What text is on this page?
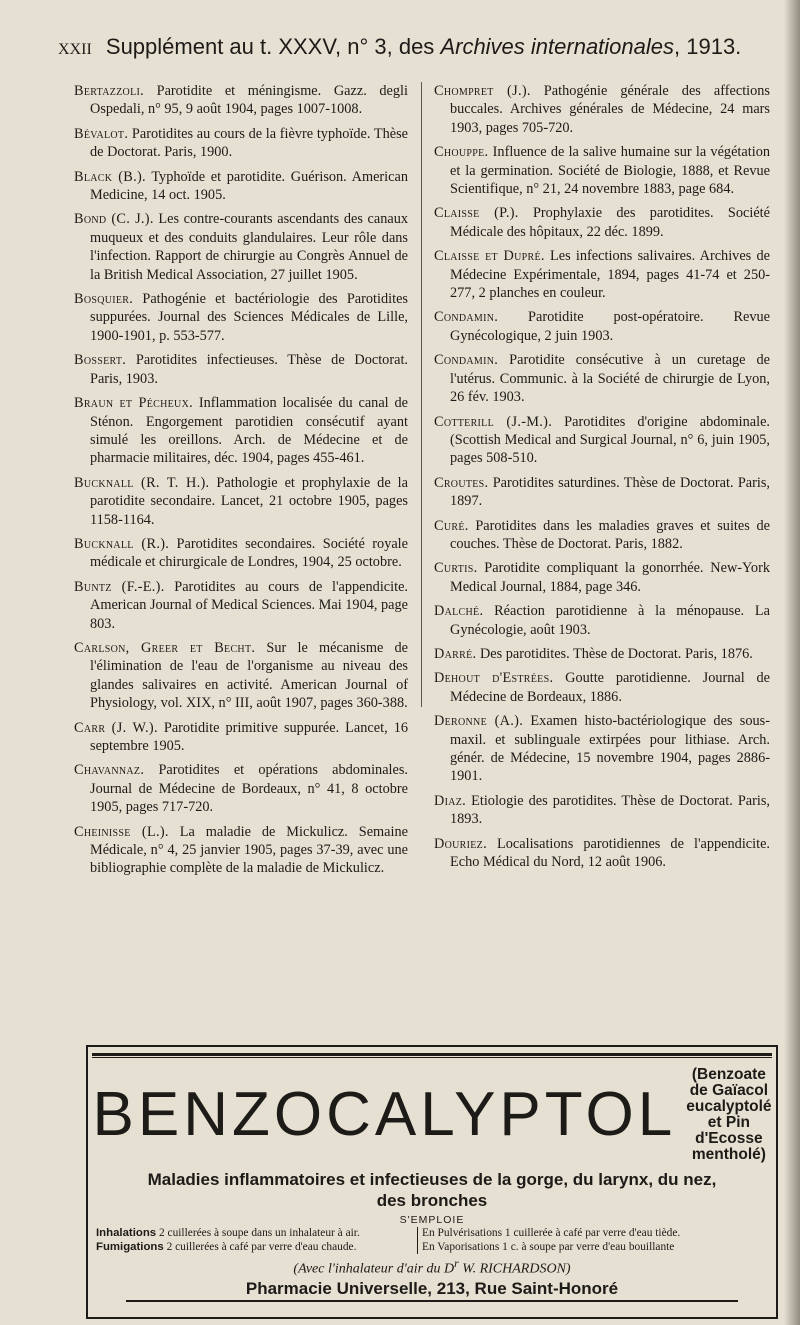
XXII Supplément au t. XXXV, n° 3, des Archives internationales, 1913.

Bertazzoli. Parotidite et méningisme. Gazz. degli Ospedali, n° 95, 9 août 1904, pages 1007-1008.

Bévalot. Parotidites au cours de la fièvre typhoïde. Thèse de Doctorat. Paris, 1900.

Black (B.). Typhoïde et parotidite. Guérison. American Medicine, 14 oct. 1905.

Bond (C. J.). Les contre-courants ascendants des canaux muqueux et des conduits glandulaires. Leur rôle dans l'infection. Rapport de chirurgie au Congrès Annuel de la British Medical Association, 27 juillet 1905.

Bosquier. Pathogénie et bactériologie des Parotidites suppurées. Journal des Sciences Médicales de Lille, 1900-1901, p. 553-577.

Bossert. Parotidites infectieuses. Thèse de Doctorat. Paris, 1903.

Braun et Pécheux. Inflammation localisée du canal de Sténon. Engorgement parotidien consécutif ayant simulé les oreillons. Arch. de Médecine et de pharmacie militaires, déc. 1904, pages 455-461.

Bucknall (R. T. H.). Pathologie et prophylaxie de la parotidite secondaire. Lancet, 21 octobre 1905, pages 1158-1164.

Bucknall (R.). Parotidites secondaires. Société royale médicale et chirurgicale de Londres, 1904, 25 octobre.

Buntz (F.-E.). Parotidites au cours de l'appendicite. American Journal of Medical Sciences. Mai 1904, page 803.

Carlson, Greer et Becht. Sur le mécanisme de l'élimination de l'eau de l'organisme au niveau des glandes salivaires en activité. American Journal of Physiology, vol. XIX, n° III, août 1907, pages 360-388.

Carr (J. W.). Parotidite primitive suppurée. Lancet, 16 septembre 1905.

Chavannaz. Parotidites et opérations abdominales. Journal de Médecine de Bordeaux, n° 41, 8 octobre 1905, pages 717-720.

Cheinisse (L.). La maladie de Mickulicz. Semaine Médicale, n° 4, 25 janvier 1905, pages 37-39, avec une bibliographie complète de la maladie de Mickulicz.

Chompret (J.). Pathogénie générale des affections buccales. Archives générales de Médecine, 24 mars 1903, pages 705-720.

Chouppe. Influence de la salive humaine sur la végétation et la germination. Société de Biologie, 1888, et Revue Scientifique, n° 21, 24 novembre 1883, page 684.

Claisse (P.). Prophylaxie des parotidites. Société Médicale des hôpitaux, 22 déc. 1899.

Claisse et Dupré. Les infections salivaires. Archives de Médecine Expérimentale, 1894, pages 41-74 et 250-277, 2 planches en couleur.

Condamin. Parotidite post-opératoire. Revue Gynécologique, 2 juin 1903.

Condamin. Parotidite consécutive à un curetage de l'utérus. Communic. à la Société de chirurgie de Lyon, 26 fév. 1903.

Cotterill (J.-M.). Parotidites d'origine abdominale. (Scottish Medical and Surgical Journal, n° 6, juin 1905, pages 508-510.

Croutes. Parotidites saturdines. Thèse de Doctorat. Paris, 1897.

Curé. Parotidites dans les maladies graves et suites de couches. Thèse de Doctorat. Paris, 1882.

Curtis. Parotidite compliquant la gonorrhée. New-York Medical Journal, 1884, page 346.

Dalché. Réaction parotidienne à la ménopause. La Gynécologie, août 1903.

Darré. Des parotidites. Thèse de Doctorat. Paris, 1876.

Dehout d'Estrées. Goutte parotidienne. Journal de Médecine de Bordeaux, 1886.

Deronne (A.). Examen histo-bactériologique des sous-maxil. et sublinguale extirpées pour lithiase. Arch. génér. de Médecine, 15 novembre 1904, pages 2886-1901.

Diaz. Etiologie des parotidites. Thèse de Doctorat. Paris, 1893.

Douriez. Localisations parotidiennes de l'appendicite. Echo Médical du Nord, 12 août 1906.

BENZOCALYPTOL
(Benzoate de Gaïacol
eucalyptolé et Pin d'Ecosse
mentholé)
Maladies inflammatoires et infectieuses de la gorge, du larynx, du nez,
des bronches
S'EMPLOIE
Inhalations 2 cuillerées à soupe dans un inhalateur à air.
Fumigations 2 cuillerées à café par verre d'eau chaude.
En Pulvérisations 1 cuillerée à café par verre d'eau tiède.
En Vaporisations 1 c. à soupe par verre d'eau bouillante
(Avec l'inhalateur d'air du $D^r$ W. RICHARDSON)
Pharmacie Universelle, 213, Rue Saint-Honoré
